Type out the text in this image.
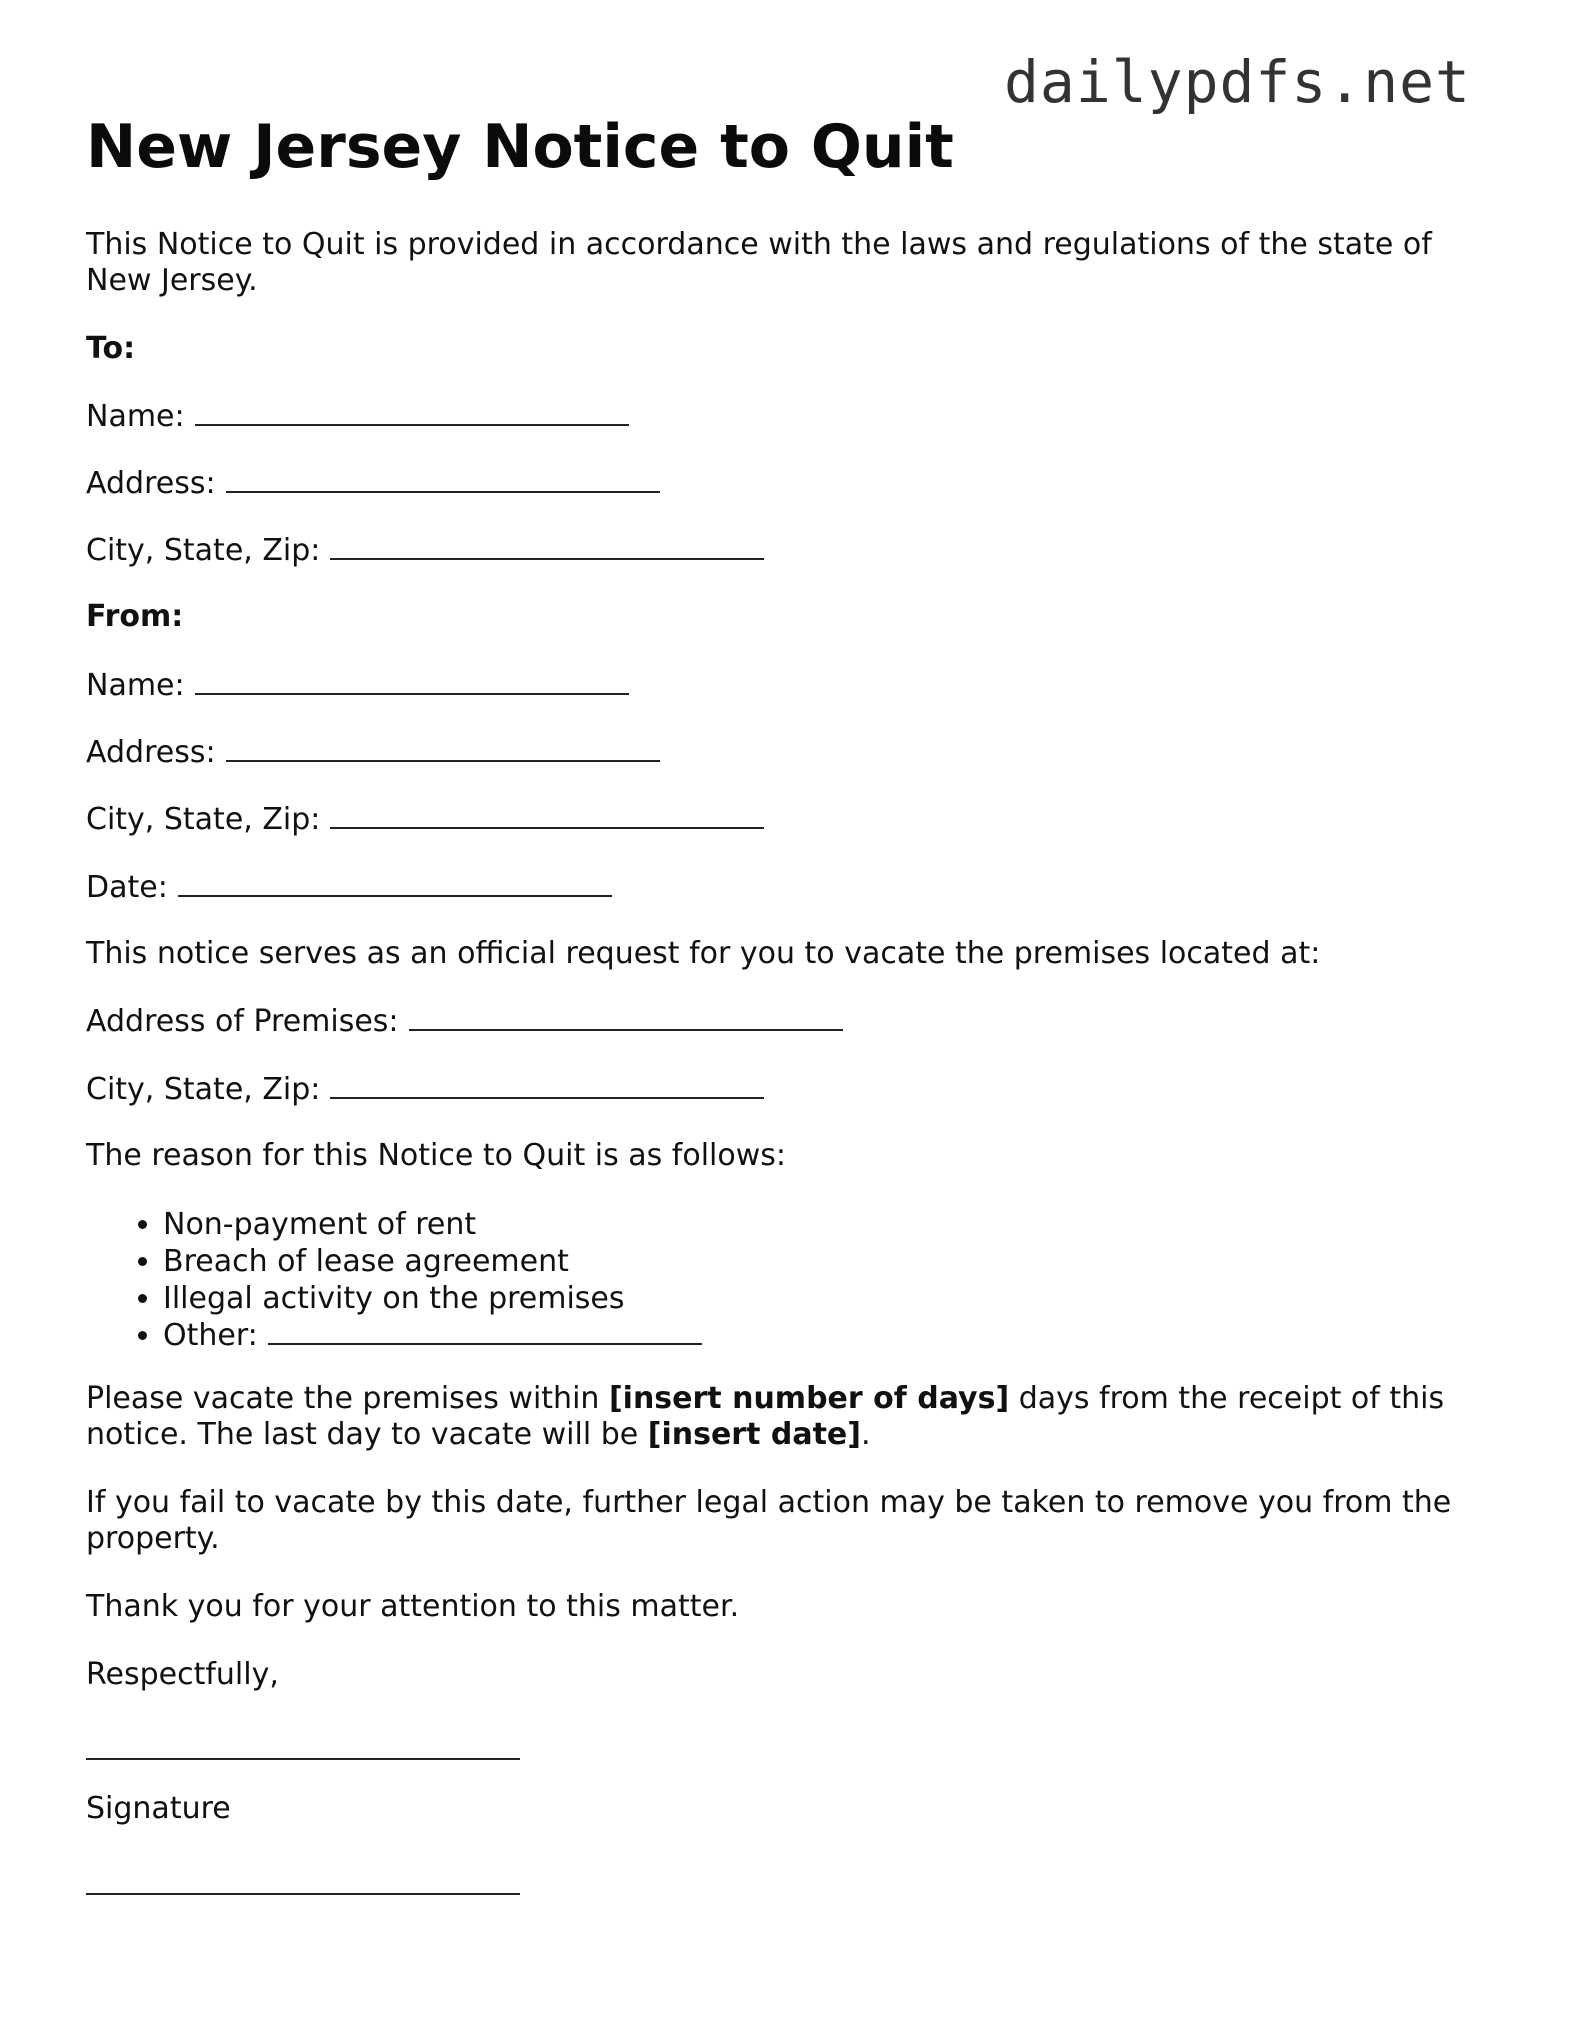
dailypdfs.net
New Jersey Notice to Quit

This Notice to Quit is provided in accordance with the laws and regulations of the state of New Jersey.

To:

Name:

Address:

City, State, Zip:

From:

Name:

Address:

City, State, Zip:

Date:

This notice serves as an official request for you to vacate the premises located at:

Address of Premises:

City, State, Zip:

The reason for this Notice to Quit is as follows:

• Non-payment of rent
• Breach of lease agreement
• Illegal activity on the premises
• Other:

Please vacate the premises within [insert number of days] days from the receipt of this notice. The last day to vacate will be [insert date].

If you fail to vacate by this date, further legal action may be taken to remove you from the property.

Thank you for your attention to this matter.

Respectfully,

Signature
